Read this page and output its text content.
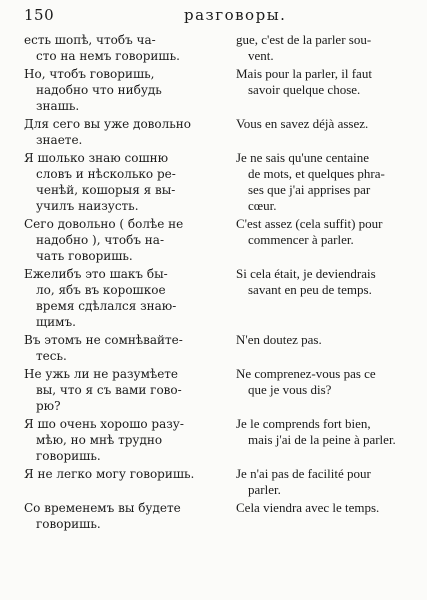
150	разговоры.
есть шопѣ, чтобъ ча-
сто на немъ говоришь.
gue, c'est de la parler sou-
vent.
Но, чтобъ говоришь,
надобно что нибудь
знашь.
Mais pour la parler, il faut
savoir quelque chose.
Для сего вы уже довольно
знаете.
Vous en savez déjà assez.
Я шолько знаю сошню
словъ и нѣсколько ре-
ченѣй, кошорыя я вы-
училъ наизусть.
Je ne sais qu'une centaine
de mots, et quelques phra-
ses que j'ai apprises par
cœur.
Сего довольно ( болѣе не
надобно ), чтобъ на-
чать говоришь.
C'est assez (cela suffit) pour
commencer à parler.
Ежелибъ это шакъ бы-
ло, ябъ въ корошкое
время сдѣлался знаю-
щимъ.
Si cela était, je deviendrais
savant en peu de temps.
Въ этомъ не сомнѣвайте-
тесь.
N'en doutez pas.
Не ужь ли не разумѣете
вы, что я съ вами гово-
рю?
Ne comprenez-vous pas ce
que je vous dis?
Я шо очень хорошо разу-
мѣю, но мнѣ трудно
говоришь.
Je le comprends fort bien,
mais j'ai de la peine à parler.
Я не легко могу говоришь.	Je n'ai pas de facilité pour
parler.
Со временемъ вы будете
говоришь.
Cela viendra avec le temps.
